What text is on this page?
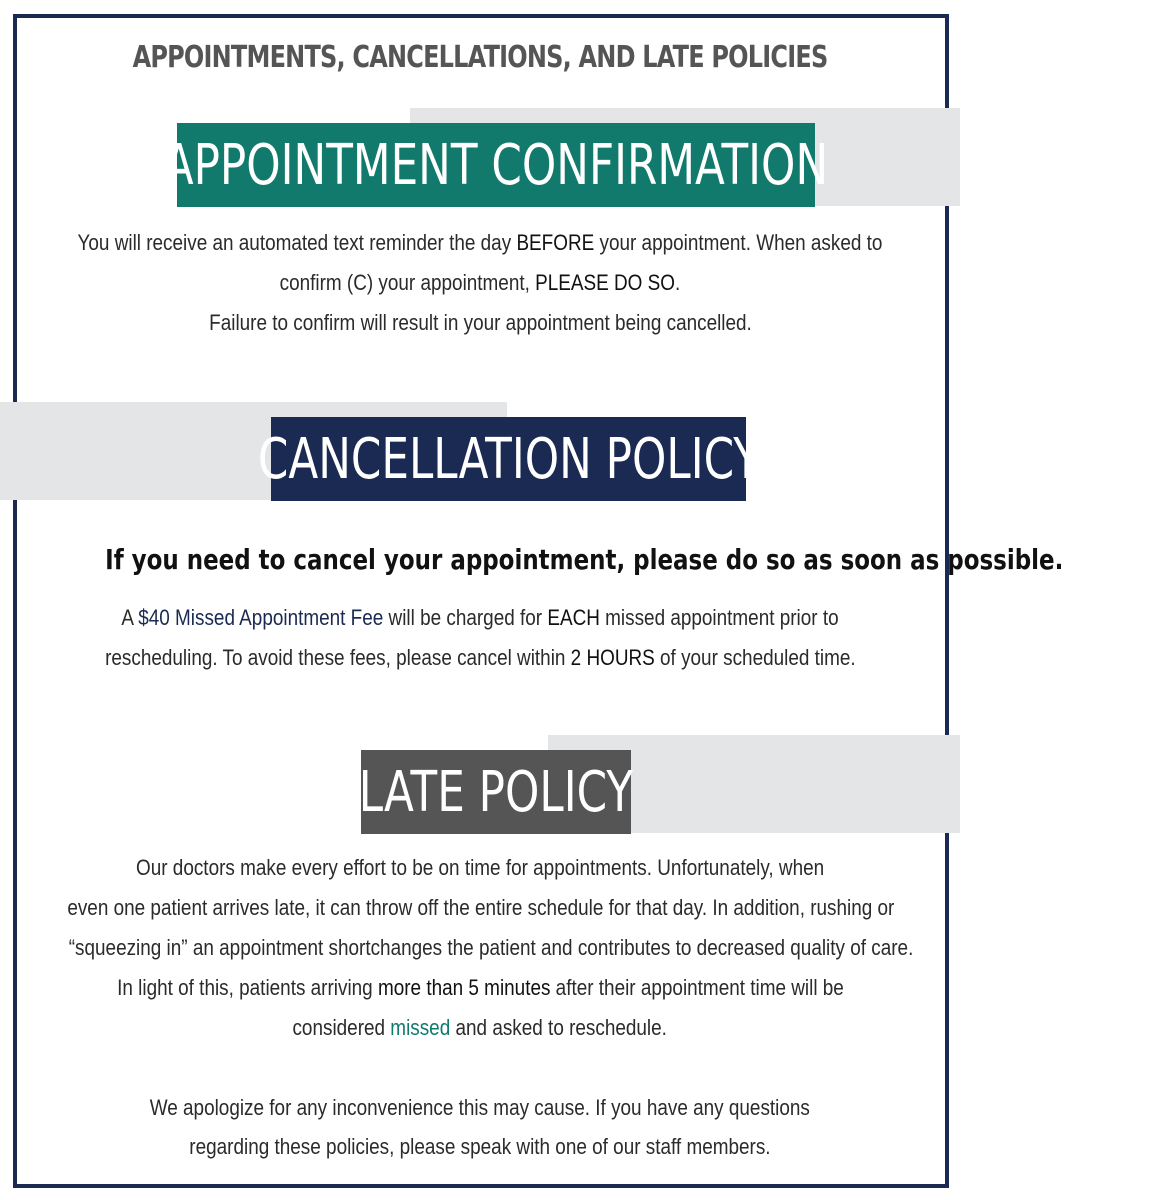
APPOINTMENTS, CANCELLATIONS, AND LATE POLICIES
APPOINTMENT CONFIRMATION
You will receive an automated text reminder the day BEFORE your appointment. When asked to
confirm (C) your appointment, PLEASE DO SO.
Failure to confirm will result in your appointment being cancelled.
CANCELLATION POLICY
If you need to cancel your appointment, please do so as soon as possible.
A $40 Missed Appointment Fee will be charged for EACH missed appointment prior to
rescheduling. To avoid these fees, please cancel within 2 HOURS of your scheduled time.
LATE POLICY
Our doctors make every effort to be on time for appointments. Unfortunately, when
even one patient arrives late, it can throw off the entire schedule for that day. In addition, rushing or
“squeezing in” an appointment shortchanges the patient and contributes to decreased quality of care.
In light of this, patients arriving more than 5 minutes after their appointment time will be
considered missed and asked to reschedule.
We apologize for any inconvenience this may cause. If you have any questions
regarding these policies, please speak with one of our staff members.
